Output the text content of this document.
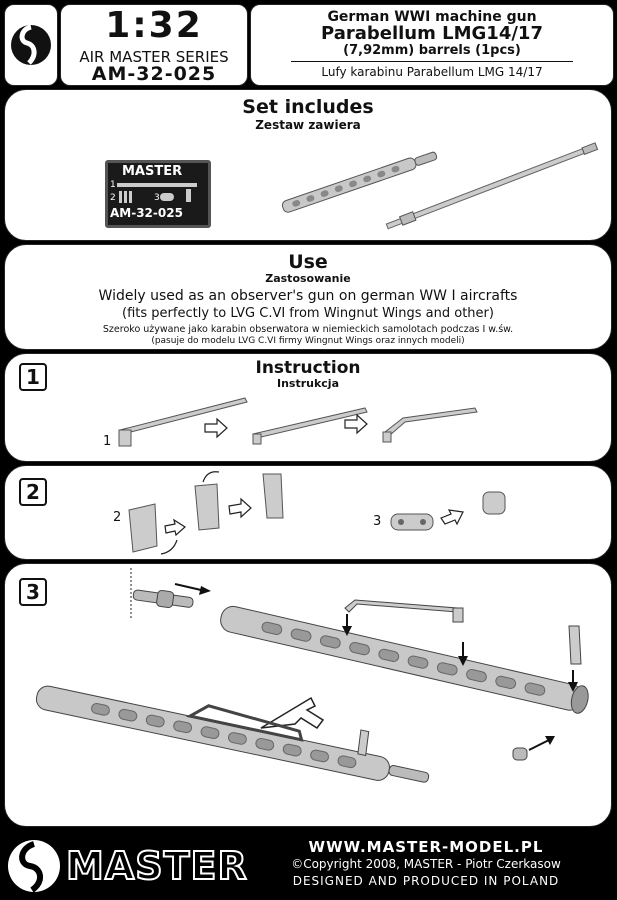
1:32
AIR MASTER SERIES
AM-32-025
German WWI machine gun
Parabellum LMG14/17
(7,92mm) barrels (1pcs)
Lufy karabinu Parabellum LMG 14/17
Set includes
Zestaw zawiera
MASTER
1
2	3
AM-32-025
Use
Zastosowanie
Widely used as an observer's gun on german WW I aircrafts
(fits perfectly to LVG C.VI from Wingnut Wings and other)
Szeroko używane jako karabin obserwatora w niemieckich samolotach podczas I w.św.
(pasuje do modelu LVG C.VI firmy Wingnut Wings oraz innych modeli)
1	Instruction
Instrukcja
1
2
2	3
3
MASTER	WWW.MASTER-MODEL.PL
©Copyright 2008, MASTER - Piotr Czerkasow
DESIGNED AND PRODUCED IN POLAND
